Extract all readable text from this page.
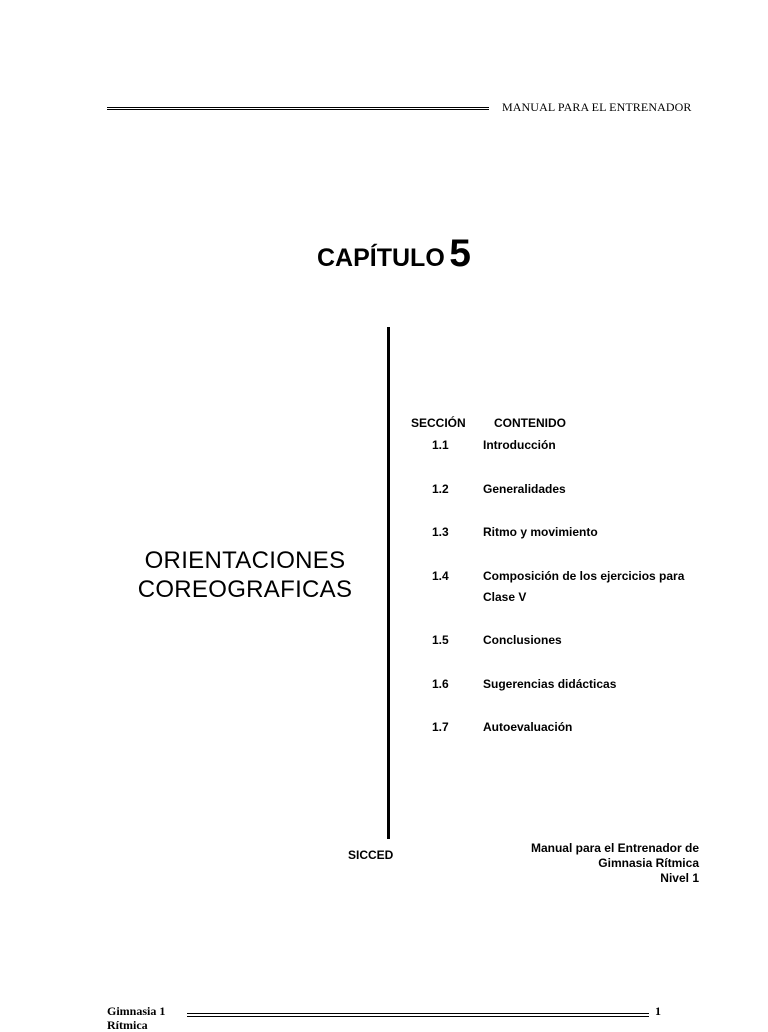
MANUAL PARA EL ENTRENADOR
CAPÍTULO 5
ORIENTACIONES
COREOGRAFICAS
SECCIÓN CONTENIDO
1.1	Introducción
1.2	Generalidades
1.3	Ritmo y movimiento
1.4	Composición de los ejercicios para
Clase V
1.5	Conclusiones
1.6	Sugerencias didácticas
1.7	Autoevaluación
SICCED	Manual para el Entrenador de
Gimnasia Rítmica
Nivel 1
Gimnasia 1
Rítmica
1
